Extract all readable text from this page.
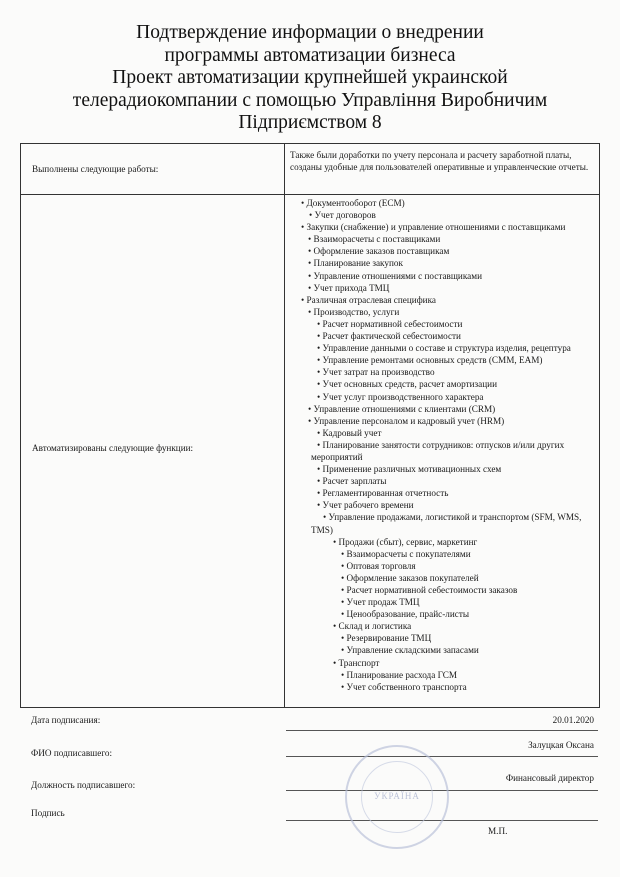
Подтверждение информации о внедрении
программы автоматизации бизнеса
Проект автоматизации крупнейшей украинской
телерадиокомпании с помощью Управління Виробничим
Підприємством 8
Выполнены следующие работы:
Также были доработки по учету персонала и расчету заработной платы, созданы удобные для пользователей оперативные и управленческие отчеты.
Автоматизированы следующие функции:
• Документооборот (ECM)
• Учет договоров
• Закупки (снабжение) и управление отношениями с поставщиками
• Взаиморасчеты с поставщиками
• Оформление заказов поставщикам
• Планирование закупок
• Управление отношениями с поставщиками
• Учет прихода ТМЦ
• Различная отраслевая специфика
• Производство, услуги
• Расчет нормативной себестоимости
• Расчет фактической себестоимости
• Управление данными о составе и структура изделия, рецептура
• Управление ремонтами основных средств (CMM, EAM)
• Учет затрат на производство
• Учет основных средств, расчет амортизации
• Учет услуг производственного характера
• Управление отношениями с клиентами (CRM)
• Управление персоналом и кадровый учет (HRM)
• Кадровый учет
• Планирование занятости сотрудников: отпусков и/или других мероприятий
• Применение различных мотивационных схем
• Расчет зарплаты
• Регламентированная отчетность
• Учет рабочего времени
• Управление продажами, логистикой и транспортом (SFM, WMS, TMS)
• Продажи (сбыт), сервис, маркетинг
• Взаиморасчеты с покупателями
• Оптовая торговля
• Оформление заказов покупателей
• Расчет нормативной себестоимости заказов
• Учет продаж ТМЦ
• Ценообразование, прайс-листы
• Склад и логистика
• Резервирование ТМЦ
• Управление складскими запасами
• Транспорт
• Планирование расхода ГСМ
• Учет собственного транспорта
Дата подписания:	20.01.2020
ФИО подписавшего:
Залуцкая Оксана
Должность подписавшего:
Финансовый директор
Подпись
М.П.
УКРАЇНА
